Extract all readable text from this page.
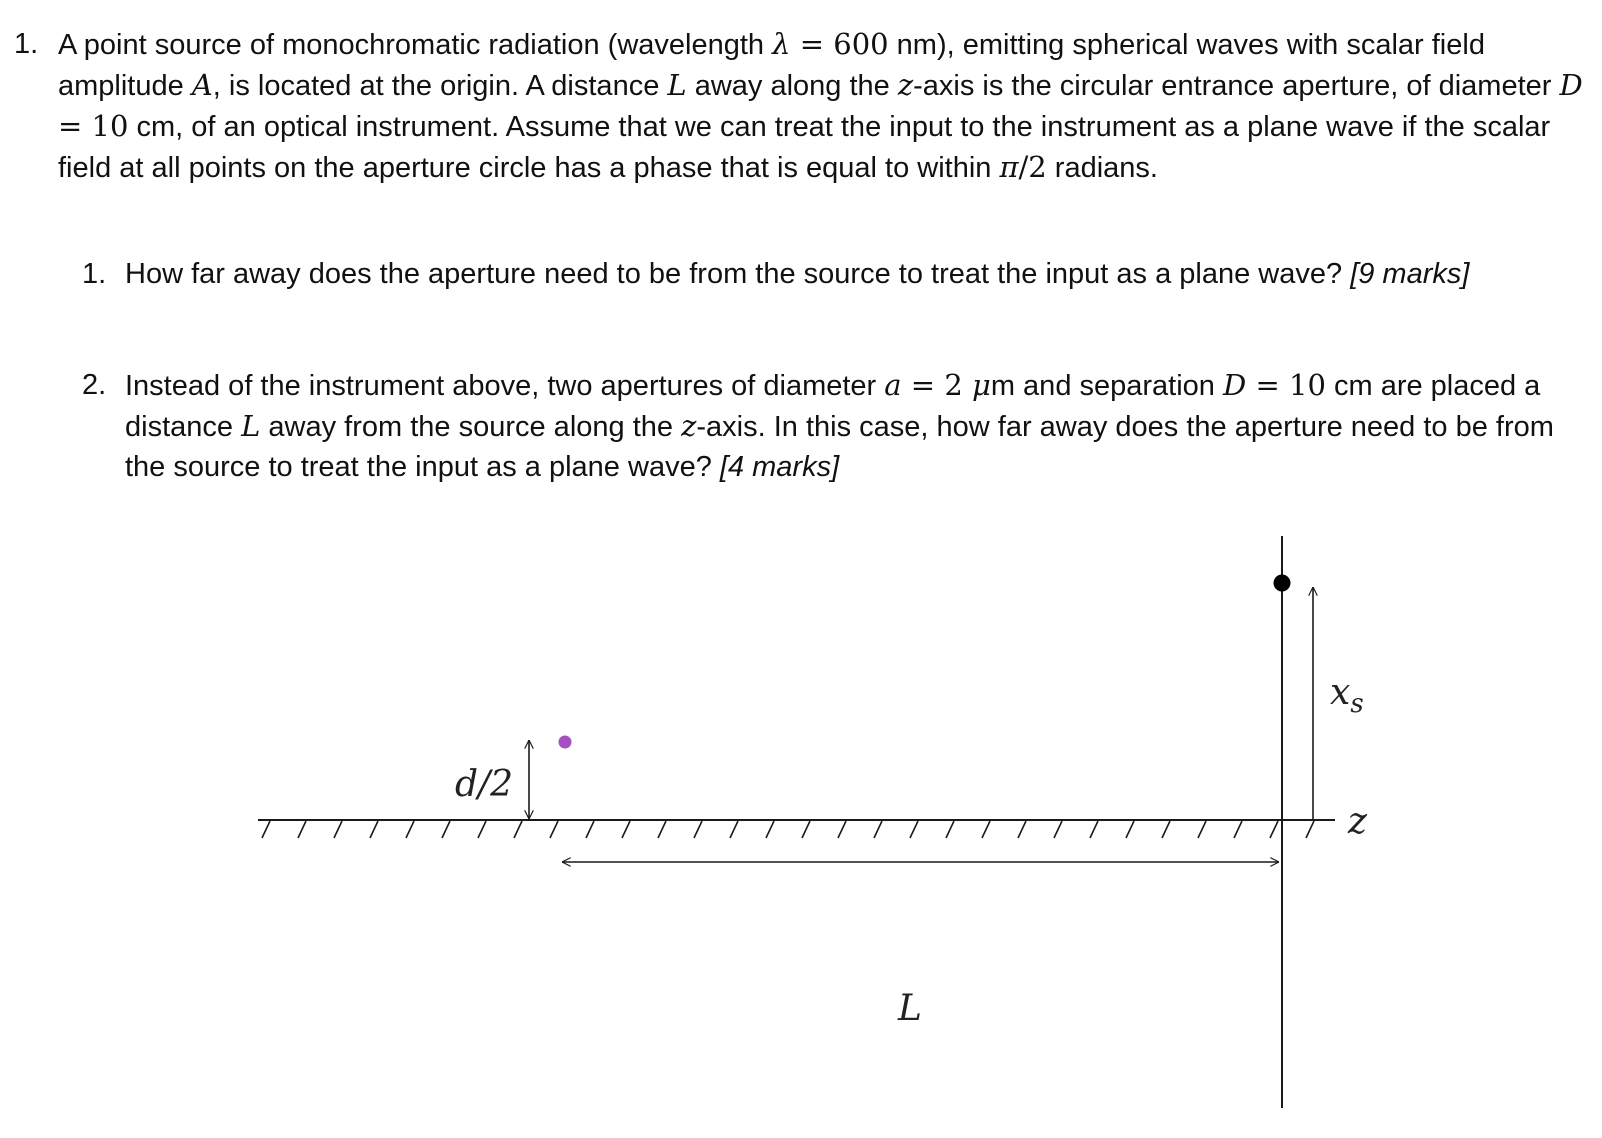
1. A point source of monochromatic radiation (wavelength λ = 600 nm), emitting spherical waves with scalar field amplitude A, is located at the origin. A distance L away along the z-axis is the circular entrance aperture, of diameter D = 10 cm, of an optical instrument. Assume that we can treat the input to the instrument as a plane wave if the scalar field at all points on the aperture circle has a phase that is equal to within π/2 radians.
1. How far away does the aperture need to be from the source to treat the input as a plane wave? [9 marks]
2. Instead of the instrument above, two apertures of diameter a = 2 μm and separation D = 10 cm are placed a distance L away from the source along the z-axis. In this case, how far away does the aperture need to be from the source to treat the input as a plane wave? [4 marks]
d/2
$x_s$
z
L
